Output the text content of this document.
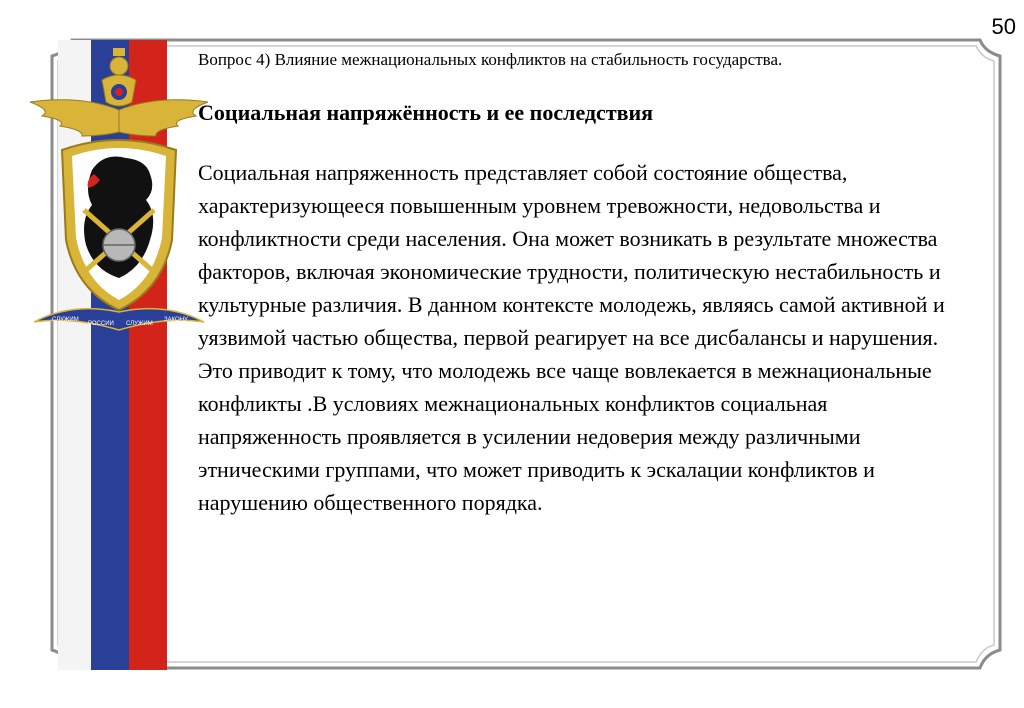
50
СЛУЖИМ
РОССИИ СЛУЖИМ
ЗАКОНУ

Вопрос 4) Влияние межнациональных конфликтов на стабильность государства.

Социальная напряжённость и ее последствия

Социальная напряженность представляет собой состояние общества, характеризующееся повышенным уровнем тревожности, недовольства и конфликтности среди населения. Она может возникать в результате множества факторов, включая экономические трудности, политическую нестабильность и культурные различия. В данном контексте молодежь, являясь самой активной и уязвимой частью общества, первой реагирует на все дисбалансы и нарушения. Это приводит к тому, что молодежь все чаще вовлекается в межнациональные конфликты .В условиях межнациональных конфликтов социальная напряженность проявляется в усилении недоверия между различными этническими группами, что может приводить к эскалации конфликтов и нарушению общественного порядка.
